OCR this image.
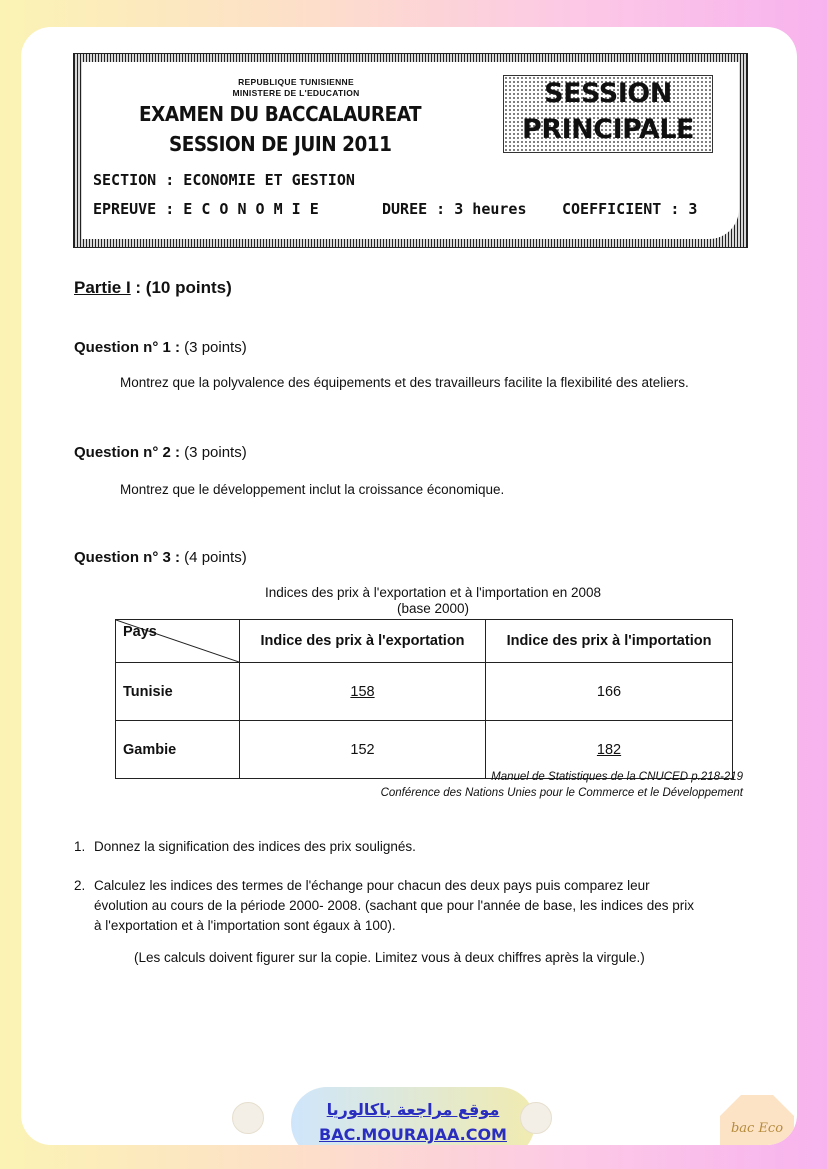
REPUBLIQUE TUNISIENNE
MINISTERE DE L'EDUCATION
EXAMEN DU BACCALAUREAT
SESSION DE JUIN 2011
SESSION
PRINCIPALE
SECTION : ECONOMIE ET GESTION
EPREUVE : E C O N O M I E	DUREE : 3 heures COEFFICIENT : 3
Partie I : (10 points)
Question n° 1 : (3 points)
Montrez que la polyvalence des équipements et des travailleurs facilite la flexibilité des ateliers.
Question n° 2 : (3 points)
Montrez que le développement inclut la croissance économique.
Question n° 3 : (4 points)
Indices des prix à l'exportation et à l'importation en 2008
(base 2000)
Pays	Indice des prix à l'exportation	Indice des prix à l'importation
Tunisie	158	166
Gambie	152	182
Manuel de Statistiques de la CNUCED p.218-219
Conférence des Nations Unies pour le Commerce et le Développement
1. Donnez la signification des indices des prix soulignés.
2. Calculez les indices des termes de l'échange pour chacun des deux pays puis comparez leur
évolution au cours de la période 2000- 2008. (sachant que pour l'année de base, les indices des prix
à l'exportation et à l'importation sont égaux à 100).
(Les calculs doivent figurer sur la copie. Limitez vous à deux chiffres après la virgule.)
موقع مراجعة باكالوريا
BAC.MOURAJAA.COM	bac Eco
